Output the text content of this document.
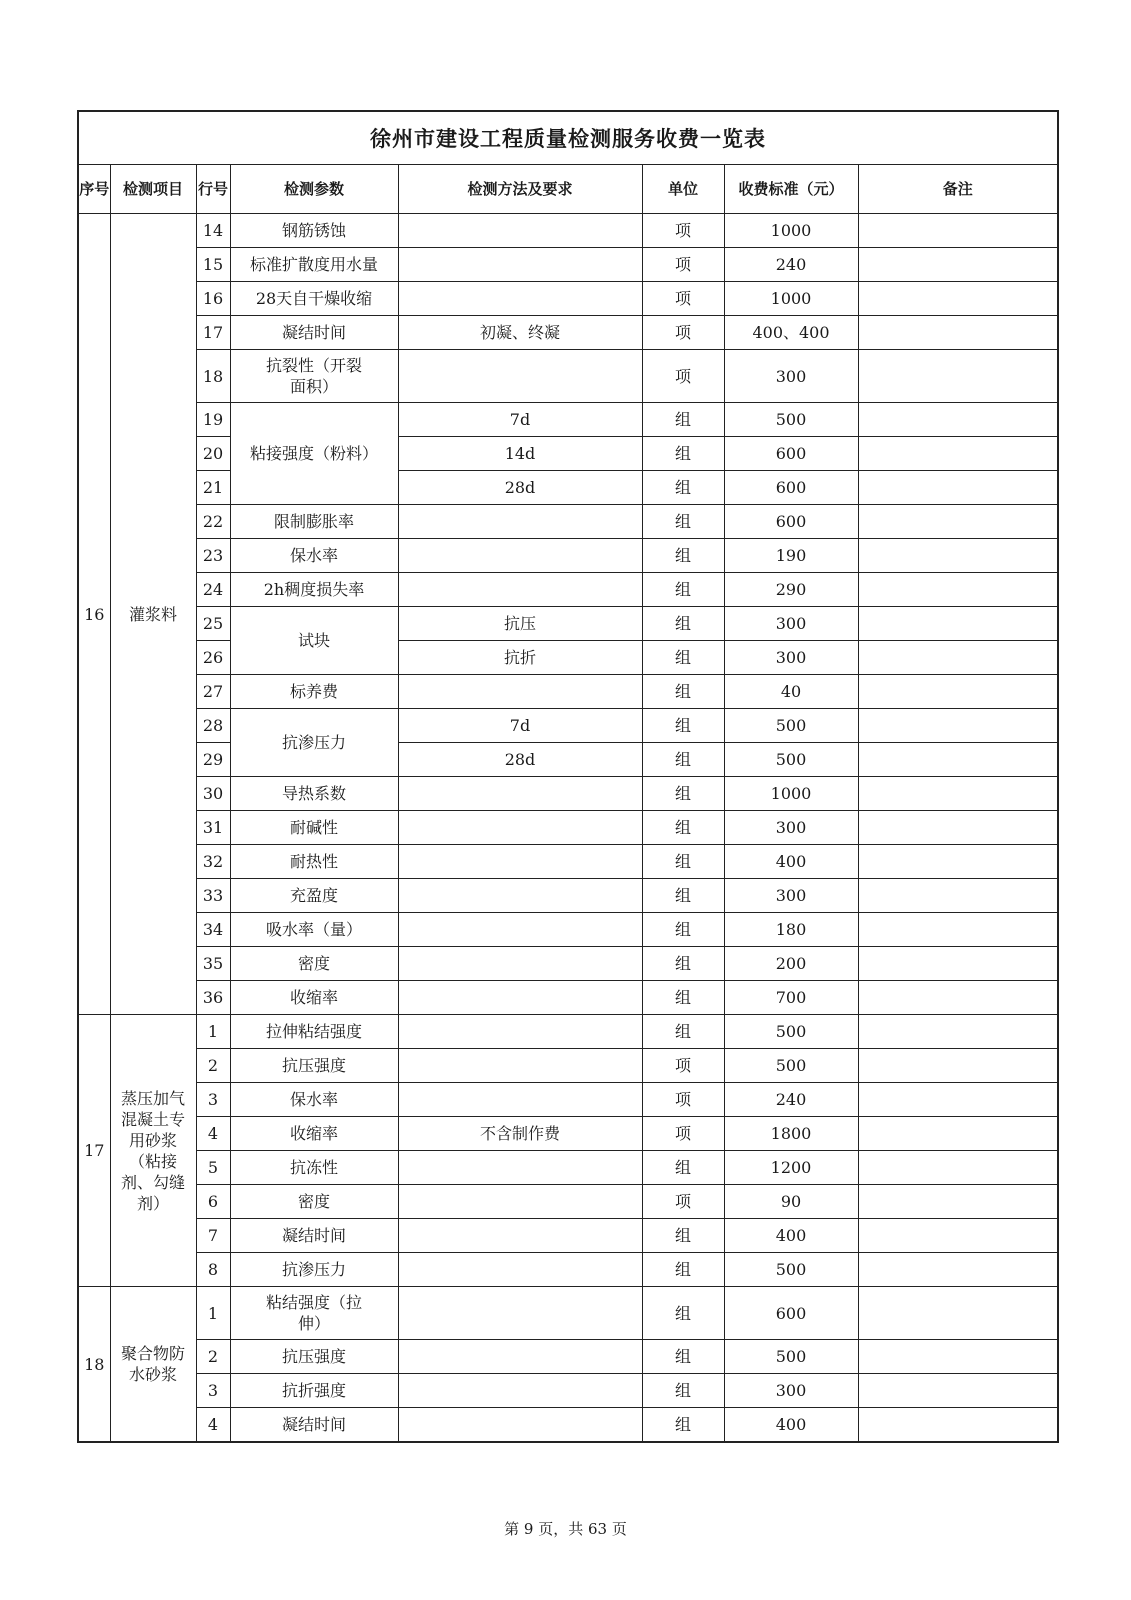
徐州市建设工程质量检测服务收费一览表							
序号	检测项目	行号	检测参数	检测方法及要求	单位	收费标准（元）	备注
16	灌浆料	14	钢筋锈蚀		项	1000	
		15	标准扩散度用水量		项	240	
		16	28天自干燥收缩		项	1000	
		17	凝结时间	初凝、终凝	项	400、400	
		18	抗裂性（开裂面积）		项	300	
		19	粘接强度（粉料）	7d	组	500	
		20		14d	组	600	
		21		28d	组	600	
		22	限制膨胀率		组	600	
		23	保水率		组	190	
		24	2h稠度损失率		组	290	
		25	试块	抗压	组	300	
		26		抗折	组	300	
		27	标养费		组	40	
		28	抗渗压力	7d	组	500	
		29		28d	组	500	
		30	导热系数		组	1000	
		31	耐碱性		组	300	
		32	耐热性		组	400	
		33	充盈度		组	300	
		34	吸水率（量）		组	180	
		35	密度		组	200	
		36	收缩率		组	700	
17	蒸压加气混凝土专用砂浆（粘接剂、勾缝剂）	1	拉伸粘结强度		组	500	
		2	抗压强度		项	500	
		3	保水率		项	240	
		4	收缩率	不含制作费	项	1800	
		5	抗冻性		组	1200	
		6	密度		项	90	
		7	凝结时间		组	400	
		8	抗渗压力		组	500	
18	聚合物防水砂浆	1	粘结强度（拉伸）		组	600	
		2	抗压强度		组	500	
		3	抗折强度		组	300	
		4	凝结时间		组	400	
第 9 页，共 63 页
